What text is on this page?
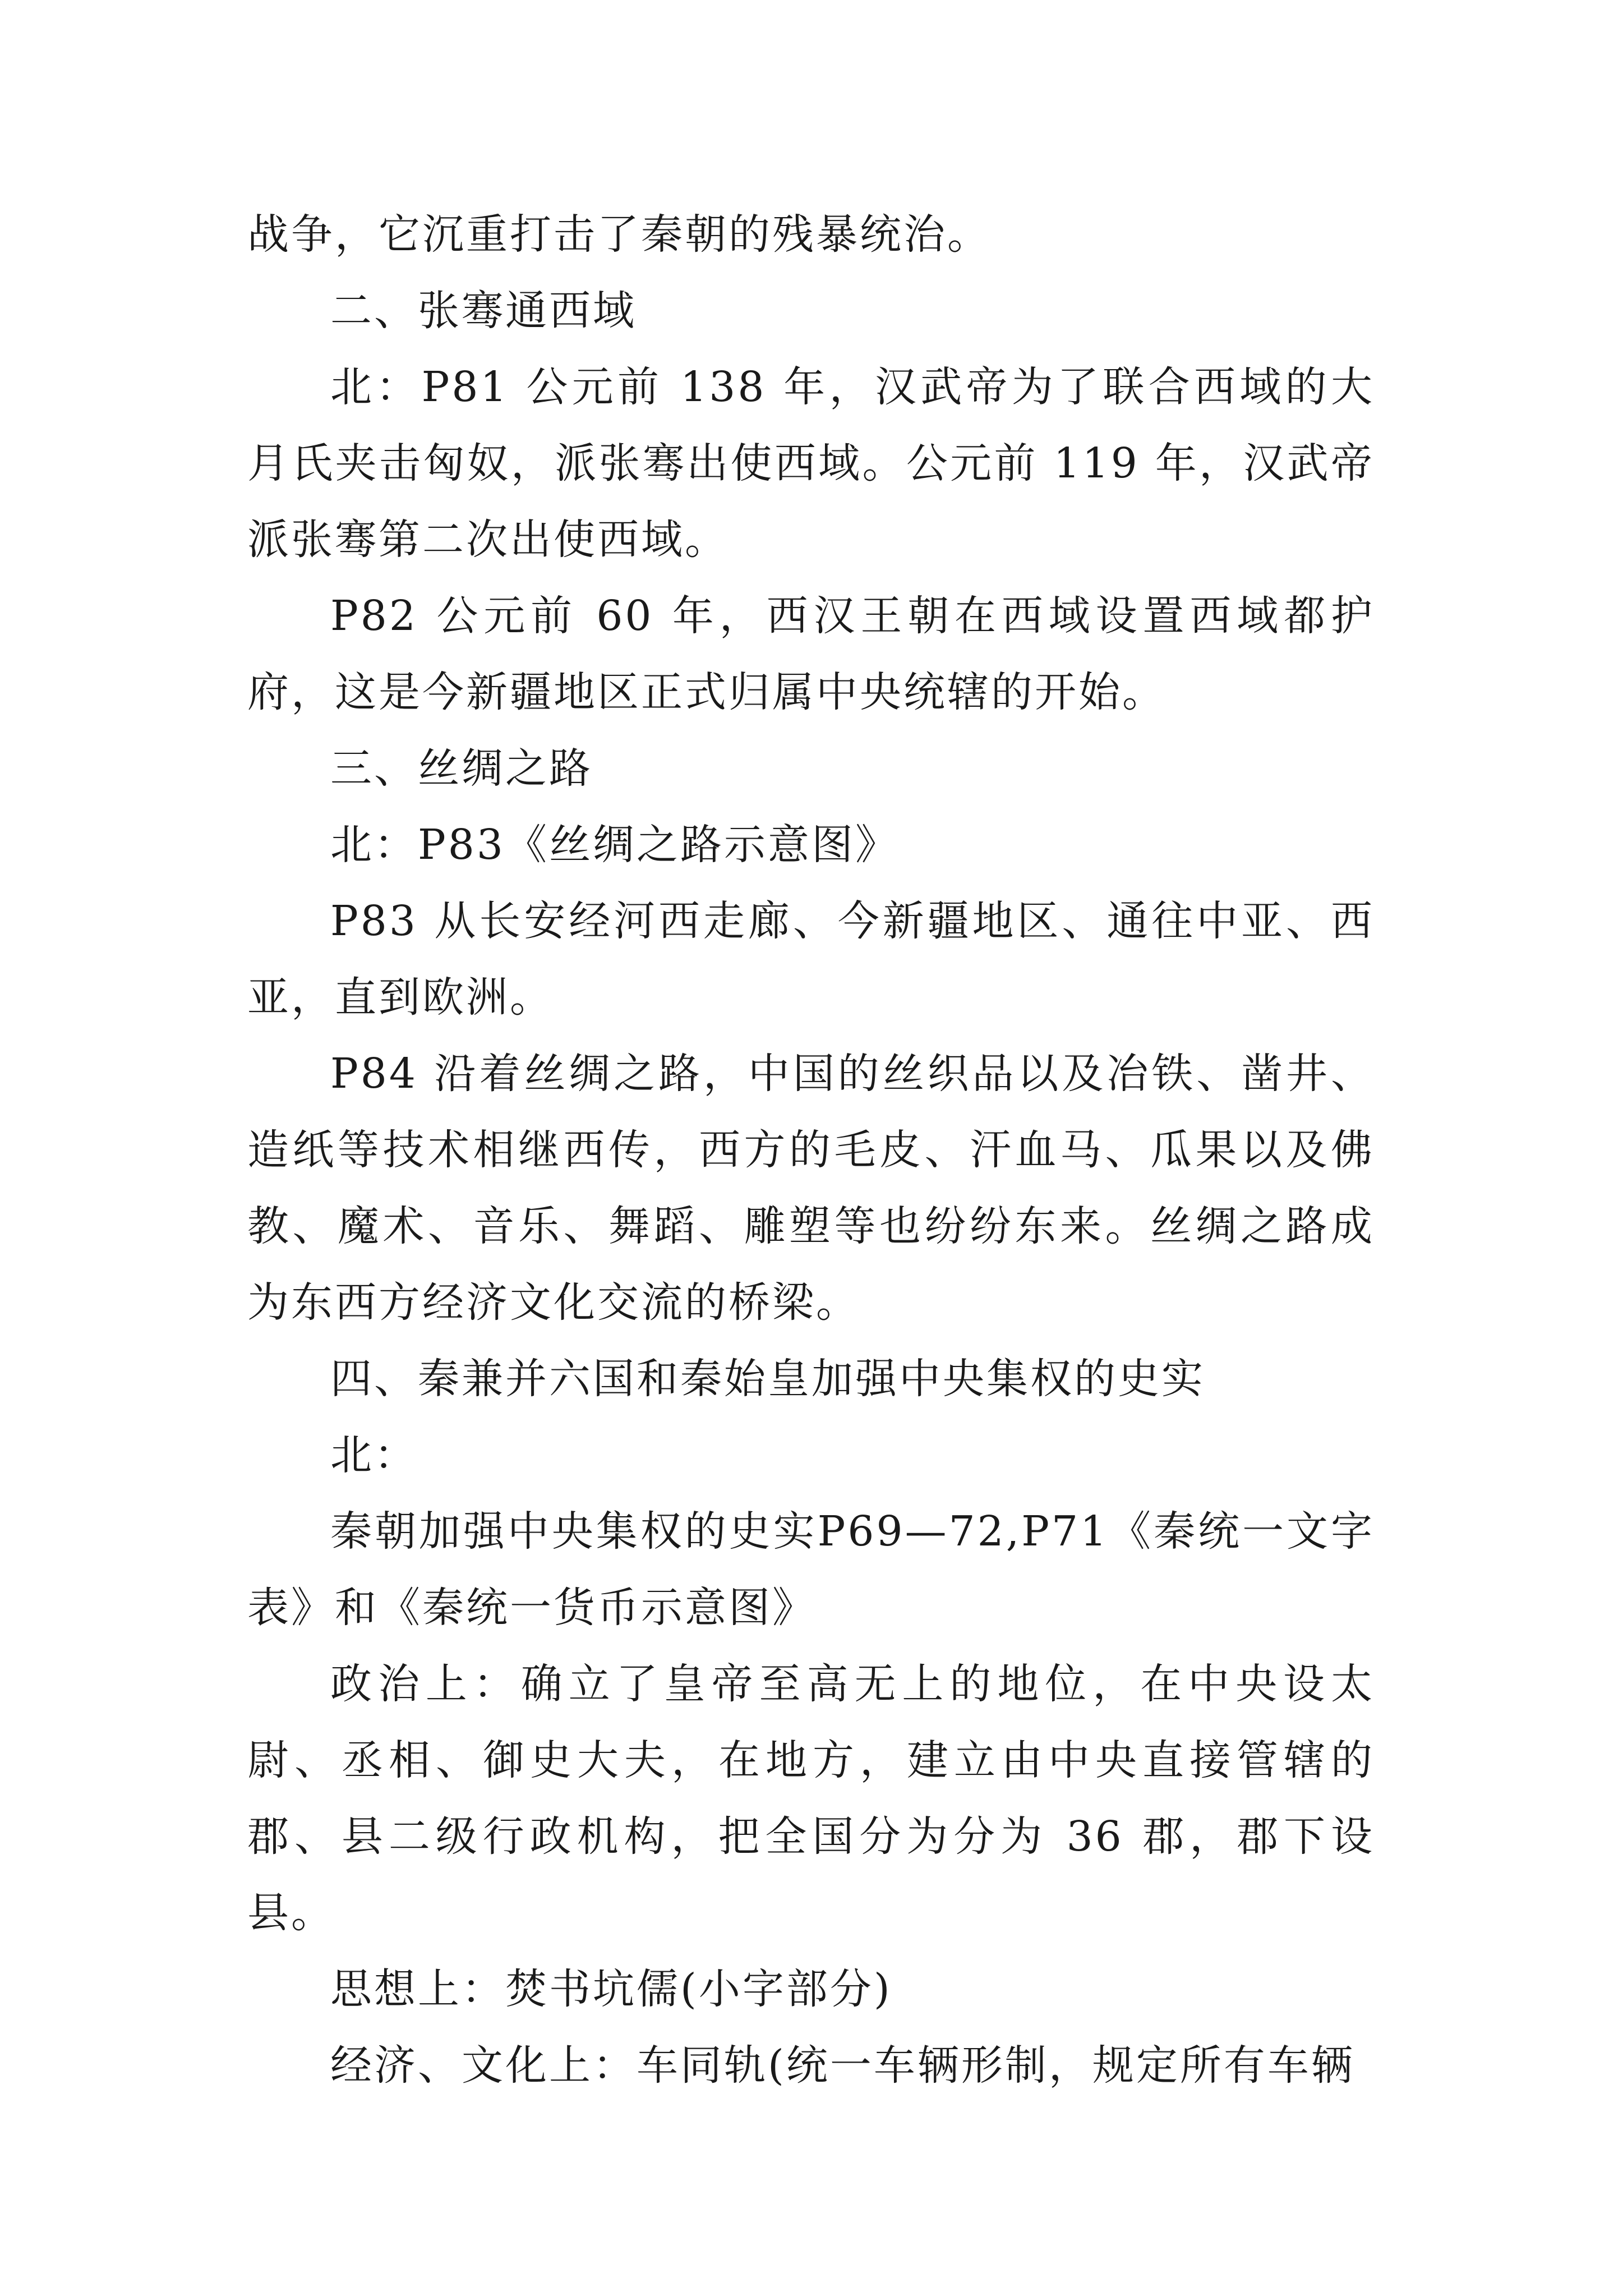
战争，它沉重打击了秦朝的残暴统治。

二、张骞通西域

北：P81 公元前 138 年，汉武帝为了联合西域的大月氏夹击匈奴，派张骞出使西域。公元前 119 年，汉武帝派张骞第二次出使西域。

P82 公元前 60 年，西汉王朝在西域设置西域都护府，这是今新疆地区正式归属中央统辖的开始。

三、丝绸之路

北：P83《丝绸之路示意图》

P83 从长安经河西走廊、今新疆地区、通往中亚、西亚，直到欧洲。

P84 沿着丝绸之路，中国的丝织品以及冶铁、凿井、造纸等技术相继西传，西方的毛皮、汗血马、瓜果以及佛教、魔术、音乐、舞蹈、雕塑等也纷纷东来。丝绸之路成为东西方经济文化交流的桥梁。

四、秦兼并六国和秦始皇加强中央集权的史实

北：

秦朝加强中央集权的史实P69—72,P71《秦统一文字表》和《秦统一货币示意图》

政治上：确立了皇帝至高无上的地位，在中央设太尉、丞相、御史大夫，在地方，建立由中央直接管辖的郡、县二级行政机构，把全国分为分为 36 郡，郡下设县。

思想上：焚书坑儒(小字部分)

经济、文化上：车同轨(统一车辆形制，规定所有车辆
